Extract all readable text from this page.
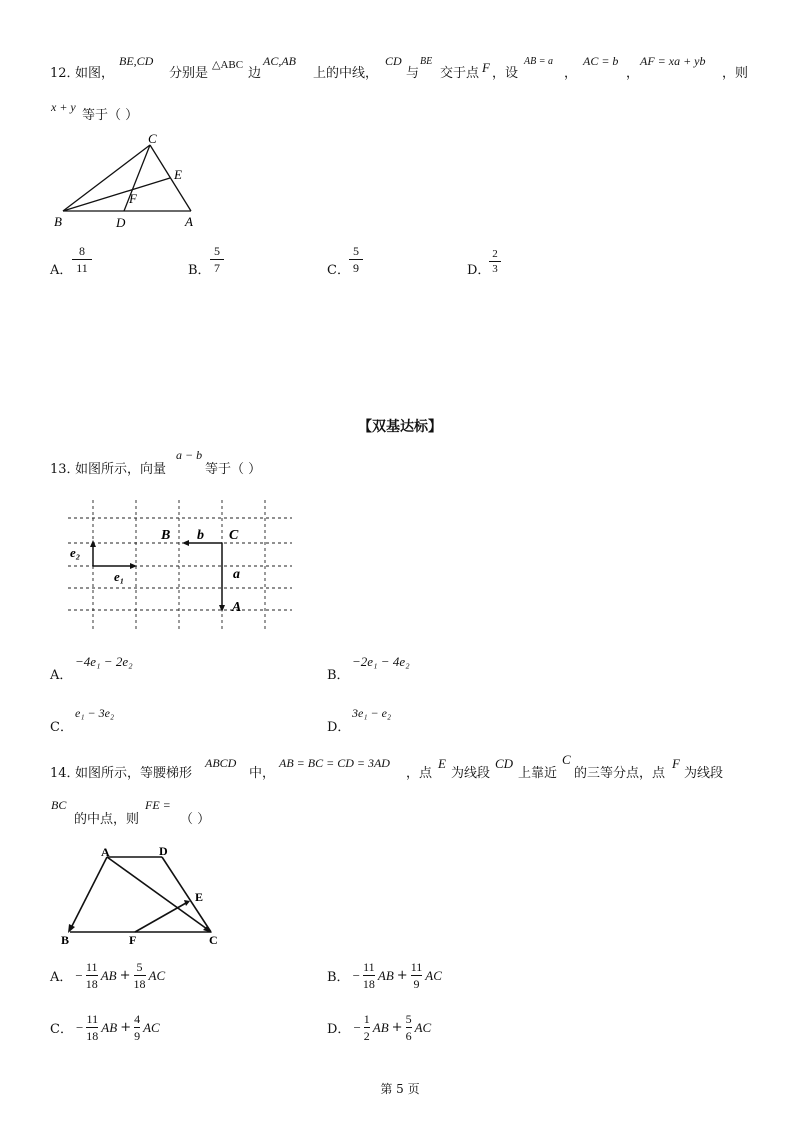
12．
如图，
BE,CD
分别是
△ABC
边
AC,AB
上的中线，
CD
与
BE
交于点 F ，设
AB = a
，
AC = b
，
AF = xa + yb
，则
x + y
等于（ ）
C
E
F
B	D	A
A．
8
11	B．
5
7	C．
5
9	D．
2
3
【双基达标】
13．
如图所示，向量
a − b
等于（ ）
e₂
e₁
B b C
a
A
A．
−4e₁ − 2e₂
B．
−2e₁ − 4e₂
C．
e₁ − 3e₂
D．
3e₁ − e₂
14．
如图所示，等腰梯形
ABCD
中，
AB = BC = CD = 3AD
，点
E
为线段
CD
上靠近
C
的三等分点，点
F
为线段
BC
的中点，则
FE =
（ ）
A	D
E
B	F	C
A． −
11
18
AB +
5
18
AC	B． −
11
18
AB +
11
9
AC
C． −
11
18
AB +
4
9
AC	D． −
1
2
AB +
5
6
AC
第 5 页
